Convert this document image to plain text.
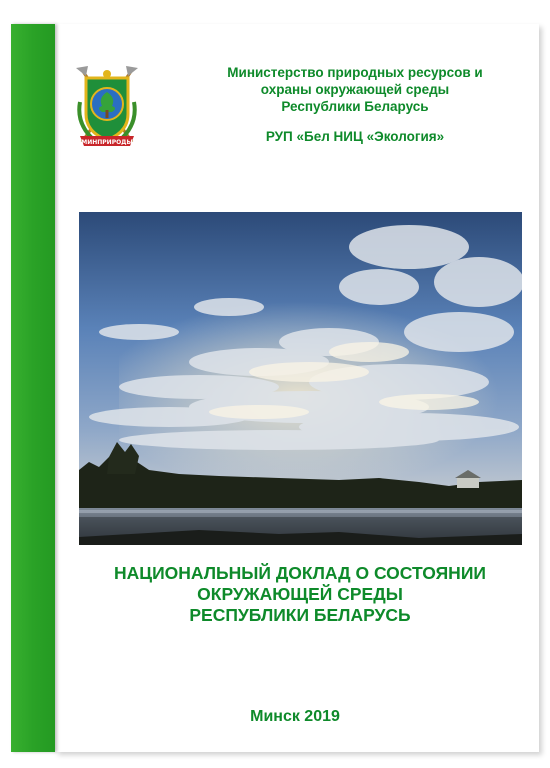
МИНПРИРОДЫ
Министерство природных ресурсов и
охраны окружающей среды
Республики Беларусь
РУП «Бел НИЦ «Экология»
НАЦИОНАЛЬНЫЙ ДОКЛАД О СОСТОЯНИИ
ОКРУЖАЮЩЕЙ СРЕДЫ
РЕСПУБЛИКИ БЕЛАРУСЬ
Минск 2019
